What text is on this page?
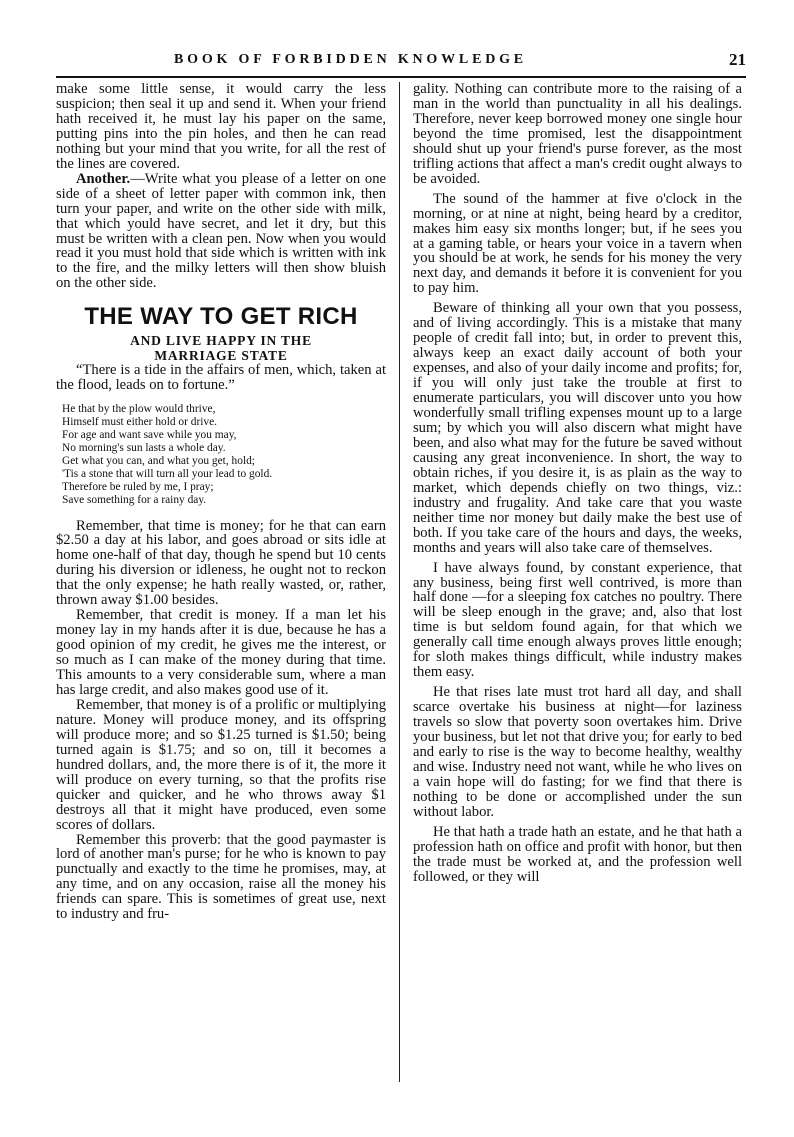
BOOK OF FORBIDDEN KNOWLEDGE	21

make some little sense, it would carry the less suspicion; then seal it up and send it. When your friend hath received it, he must lay his paper on the same, putting pins into the pin holes, and then he can read nothing but your mind that you write, for all the rest of the lines are covered.

Another.—Write what you please of a letter on one side of a sheet of letter paper with common ink, then turn your paper, and write on the other side with milk, that which yould have secret, and let it dry, but this must be written with a clean pen. Now when you would read it you must hold that side which is written with ink to the fire, and the milky letters will then show bluish on the other side.

THE WAY TO GET RICH
AND LIVE HAPPY IN THE
MARRIAGE STATE

“There is a tide in the affairs of men, which, taken at the flood, leads on to fortune.”

He that by the plow would thrive,
Himself must either hold or drive.
For age and want save while you may,
No morning's sun lasts a whole day.
Get what you can, and what you get, hold;
'Tis a stone that will turn all your lead to gold.
Therefore be ruled by me, I pray;
Save something for a rainy day.

Remember, that time is money; for he that can earn $2.50 a day at his labor, and goes abroad or sits idle at home one-half of that day, though he spend but 10 cents during his diversion or idleness, he ought not to reckon that the only expense; he hath really wasted, or, rather, thrown away $1.00 besides.

Remember, that credit is money. If a man let his money lay in my hands after it is due, because he has a good opinion of my credit, he gives me the interest, or so much as I can make of the money during that time. This amounts to a very considerable sum, where a man has large credit, and also makes good use of it.

Remember, that money is of a prolific or multiplying nature. Money will produce money, and its offspring will produce more; and so $1.25 turned is $1.50; being turned again is $1.75; and so on, till it becomes a hundred dollars, and, the more there is of it, the more it will produce on every turning, so that the profits rise quicker and quicker, and he who throws away $1 destroys all that it might have produced, even some scores of dollars.

Remember this proverb: that the good paymaster is lord of another man's purse; for he who is known to pay punctually and exactly to the time he promises, may, at any time, and on any occasion, raise all the money his friends can spare. This is sometimes of great use, next to industry and fru-

gality. Nothing can contribute more to the raising of a man in the world than punctuality in all his dealings. Therefore, never keep borrowed money one single hour beyond the time promised, lest the disappointment should shut up your friend's purse forever, as the most trifling actions that affect a man's credit ought always to be avoided.

The sound of the hammer at five o'clock in the morning, or at nine at night, being heard by a creditor, makes him easy six months longer; but, if he sees you at a gaming table, or hears your voice in a tavern when you should be at work, he sends for his money the very next day, and demands it before it is convenient for you to pay him.

Beware of thinking all your own that you possess, and of living accordingly. This is a mistake that many people of credit fall into; but, in order to prevent this, always keep an exact daily account of both your expenses, and also of your daily income and profits; for, if you will only just take the trouble at first to enumerate particulars, you will discover unto you how wonderfully small trifling expenses mount up to a large sum; by which you will also discern what might have been, and also what may for the future be saved without causing any great inconvenience. In short, the way to obtain riches, if you desire it, is as plain as the way to market, which depends chiefly on two things, viz.: industry and frugality. And take care that you waste neither time nor money but daily make the best use of both. If you take care of the hours and days, the weeks, months and years will also take care of themselves.

I have always found, by constant experience, that any business, being first well contrived, is more than half done —for a sleeping fox catches no poultry. There will be sleep enough in the grave; and, also that lost time is but seldom found again, for that which we generally call time enough always proves little enough; for sloth makes things difficult, while industry makes them easy.

He that rises late must trot hard all day, and shall scarce overtake his business at night—for laziness travels so slow that poverty soon overtakes him. Drive your business, but let not that drive you; for early to bed and early to rise is the way to become healthy, wealthy and wise. Industry need not want, while he who lives on a vain hope will do fasting; for we find that there is nothing to be done or accomplished under the sun without labor.

He that hath a trade hath an estate, and he that hath a profession hath on office and profit with honor, but then the trade must be worked at, and the profession well followed, or they will
